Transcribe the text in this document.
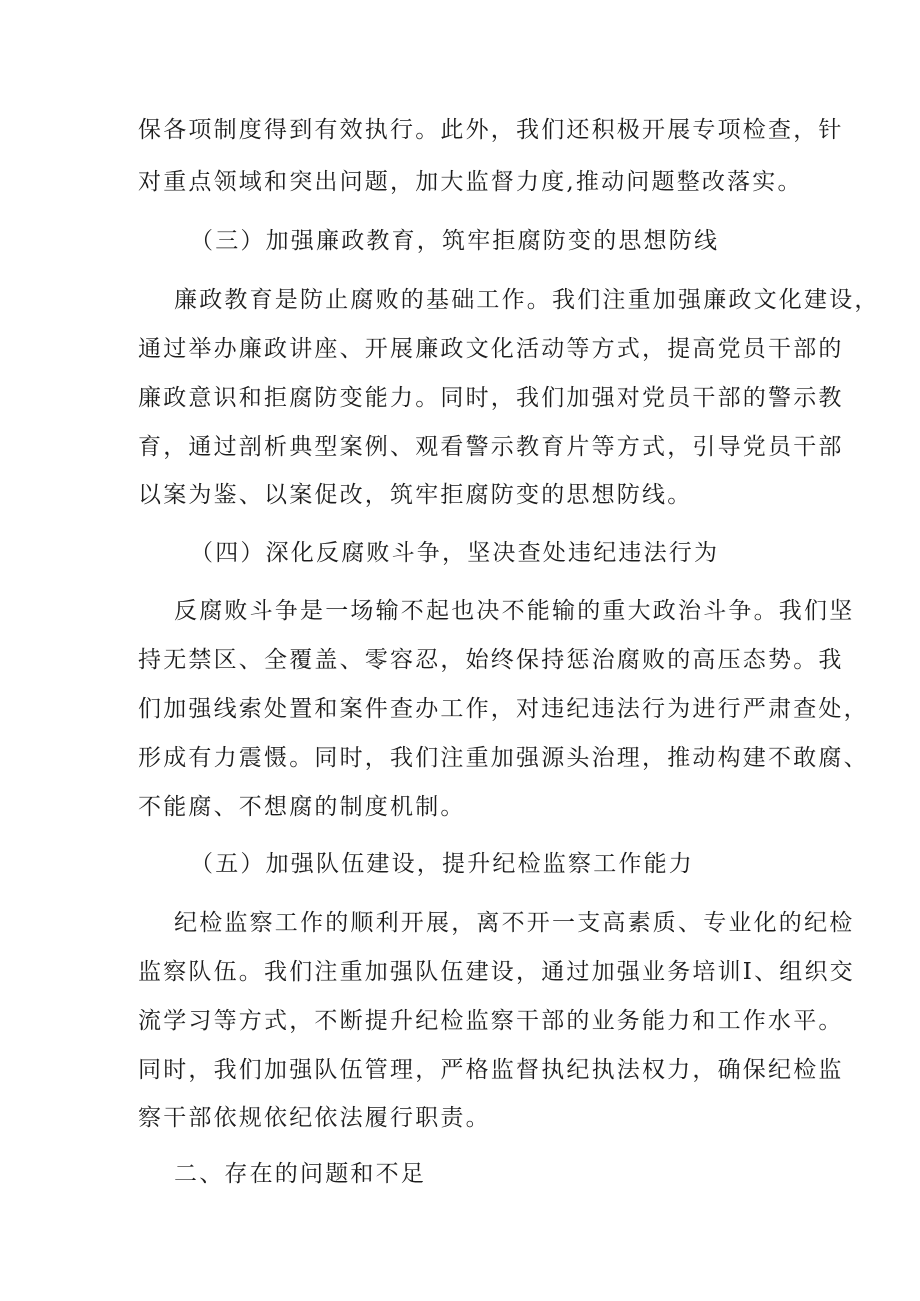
保各项制度得到有效执行。此外，我们还积极开展专项检查，针
对重点领域和突出问题，加大监督力度,推动问题整改落实。
（三）加强廉政教育，筑牢拒腐防变的思想防线
廉政教育是防止腐败的基础工作。我们注重加强廉政文化建设，
通过举办廉政讲座、开展廉政文化活动等方式，提高党员干部的
廉政意识和拒腐防变能力。同时，我们加强对党员干部的警示教
育，通过剖析典型案例、观看警示教育片等方式，引导党员干部
以案为鉴、以案促改，筑牢拒腐防变的思想防线。
（四）深化反腐败斗争，坚决查处违纪违法行为
反腐败斗争是一场输不起也决不能输的重大政治斗争。我们坚
持无禁区、全覆盖、零容忍，始终保持惩治腐败的高压态势。我
们加强线索处置和案件查办工作，对违纪违法行为进行严肃查处，
形成有力震慑。同时，我们注重加强源头治理，推动构建不敢腐、
不能腐、不想腐的制度机制。
（五）加强队伍建设，提升纪检监察工作能力
纪检监察工作的顺利开展，离不开一支高素质、专业化的纪检
监察队伍。我们注重加强队伍建设，通过加强业务培训I、组织交
流学习等方式，不断提升纪检监察干部的业务能力和工作水平。
同时，我们加强队伍管理，严格监督执纪执法权力，确保纪检监
察干部依规依纪依法履行职责。
二、存在的问题和不足
